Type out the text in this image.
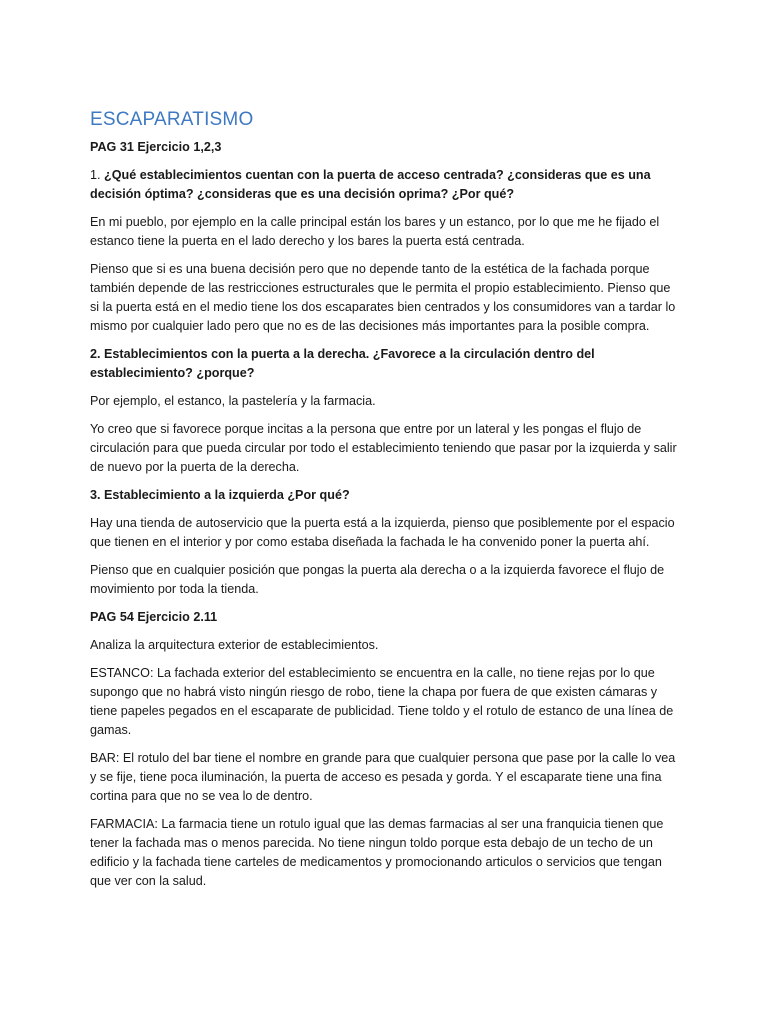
ESCAPARATISMO

PAG 31 Ejercicio 1,2,3

1. ¿Qué establecimientos cuentan con la puerta de acceso centrada? ¿consideras que es una decisión óptima? ¿consideras que es una decisión oprima? ¿Por qué?

En mi pueblo, por ejemplo en la calle principal están los bares y un estanco, por lo que me he fijado el estanco tiene la puerta en el lado derecho y los bares la puerta está centrada.

Pienso que si es una buena decisión pero que no depende tanto de la estética de la fachada porque también depende de las restricciones estructurales que le permita el propio establecimiento. Pienso que si la puerta está en el medio tiene los dos escaparates bien centrados y los consumidores van a tardar lo mismo por cualquier lado pero que no es de las decisiones más importantes para la posible compra.

2. Establecimientos con la puerta a la derecha. ¿Favorece a la circulación dentro del establecimiento? ¿porque?

Por ejemplo, el estanco, la pastelería y la farmacia.

Yo creo que si favorece porque incitas a la persona que entre por un lateral y les pongas el flujo de circulación para que pueda circular por todo el establecimiento teniendo que pasar por la izquierda y salir de nuevo por la puerta de la derecha.

3. Establecimiento a la izquierda ¿Por qué?

Hay una tienda de autoservicio que la puerta está a la izquierda, pienso que posiblemente por el espacio que tienen en el interior y por como estaba diseñada la fachada le ha convenido poner la puerta ahí.

Pienso que en cualquier posición que pongas la puerta ala derecha o a la izquierda favorece el flujo de movimiento por toda la tienda.

PAG 54 Ejercicio 2.11

Analiza la arquitectura exterior de establecimientos.

ESTANCO: La fachada exterior del establecimiento se encuentra en la calle, no tiene rejas por lo que supongo que no habrá visto ningún riesgo de robo, tiene la chapa por fuera de que existen cámaras y tiene papeles pegados en el escaparate de publicidad. Tiene toldo y el rotulo de estanco de una línea de gamas.

BAR: El rotulo del bar tiene el nombre en grande para que cualquier persona que pase por la calle lo vea y se fije, tiene poca iluminación, la puerta de acceso es pesada y gorda. Y el escaparate tiene una fina cortina para que no se vea lo de dentro.

FARMACIA: La farmacia tiene un rotulo igual que las demas farmacias al ser una franquicia tienen que tener la fachada mas o menos parecida. No tiene ningun toldo porque esta debajo de un techo de un edificio y la fachada tiene carteles de medicamentos y promocionando articulos o servicios que tengan que ver con la salud.
